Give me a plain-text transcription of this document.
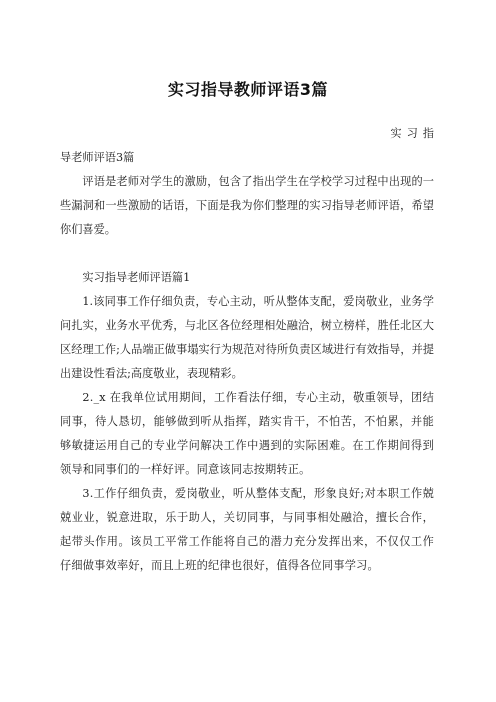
实习指导教师评语3篇

实习指

导老师评语3篇

评语是老师对学生的激励，包含了指出学生在学校学习过程中出现的一些漏洞和一些激励的话语，下面是我为你们整理的实习指导老师评语，希望你们喜爱。

实习指导老师评语篇1

1.该同事工作仔细负责，专心主动，听从整体支配，爱岗敬业，业务学问扎实，业务水平优秀，与北区各位经理相处融洽，树立榜样，胜任北区大区经理工作;人品端正做事塌实行为规范对待所负责区域进行有效指导，并提出建设性看法;高度敬业，表现精彩。

2._x 在我单位试用期间，工作看法仔细，专心主动，敬重领导，团结同事，待人恳切，能够做到听从指挥，踏实肯干，不怕苦，不怕累，并能够敏捷运用自己的专业学问解决工作中遇到的实际困难。在工作期间得到领导和同事们的一样好评。同意该同志按期转正。

3.工作仔细负责，爱岗敬业，听从整体支配，形象良好;对本职工作兢兢业业，锐意进取，乐于助人，关切同事，与同事相处融洽，擅长合作，起带头作用。该员工平常工作能将自己的潜力充分发挥出来，不仅仅工作仔细做事效率好，而且上班的纪律也很好，值得各位同事学习。
